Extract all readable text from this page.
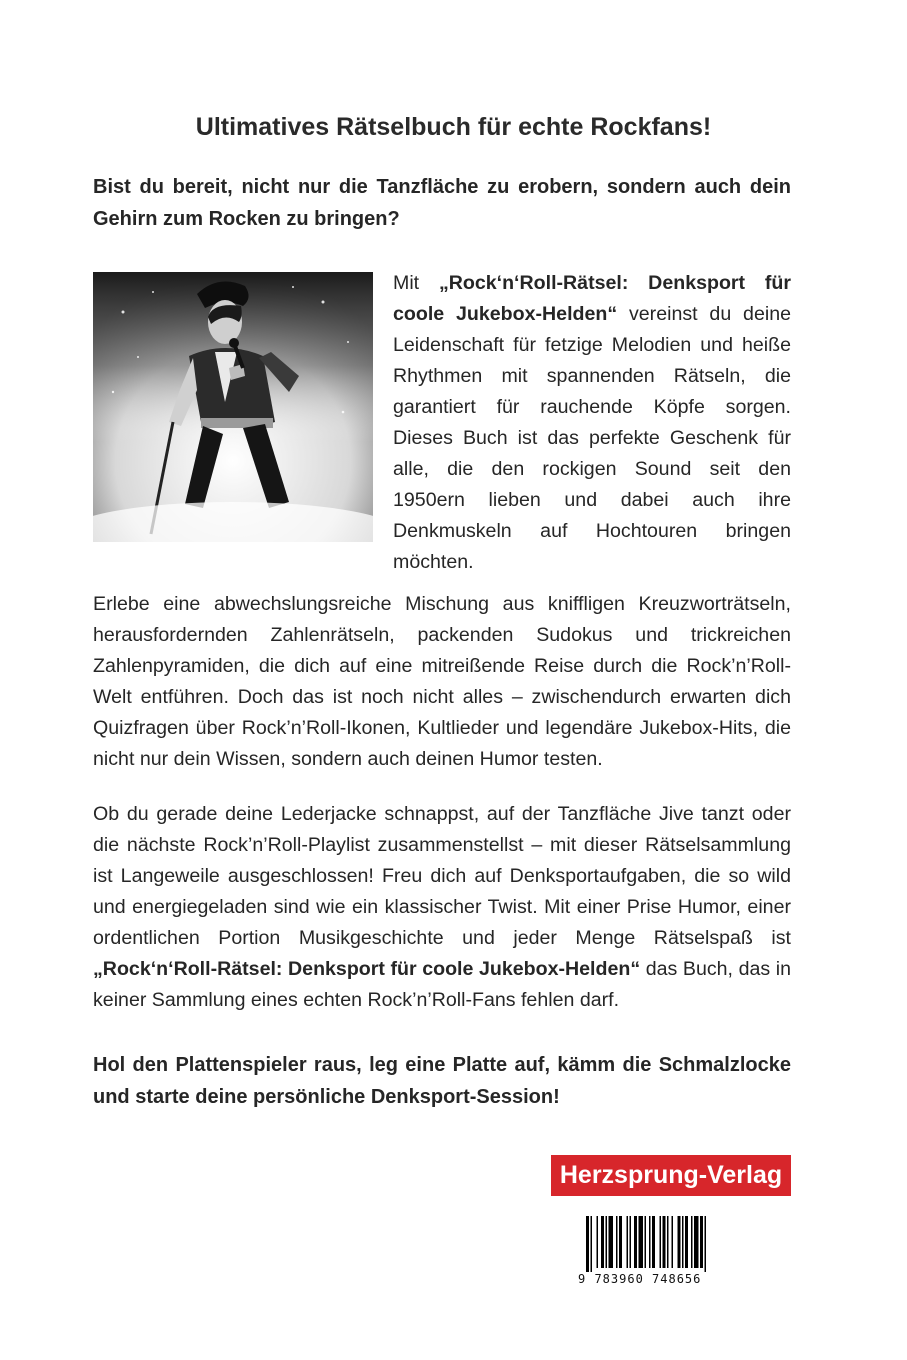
Ultimatives Rätselbuch für echte Rockfans!
Bist du bereit, nicht nur die Tanzfläche zu erobern, sondern auch dein Gehirn zum Rocken zu bringen?
Mit „Rock‘n‘Roll-Rätsel: Denksport für coole Jukebox-Helden“ vereinst du deine Leidenschaft für fetzige Melodien und heiße Rhythmen mit spannenden Rätseln, die garantiert für rauchende Köpfe sorgen. Dieses Buch ist das perfekte Geschenk für alle, die den rockigen Sound seit den 1950ern lieben und dabei auch ihre Denkmuskeln auf Hochtouren bringen möchten.
Erlebe eine abwechslungsreiche Mischung aus kniffligen Kreuzworträtseln, herausfordernden Zahlenrätseln, packenden Sudokus und trickreichen Zahlenpyramiden, die dich auf eine mitreißende Reise durch die Rock’n’Roll-Welt entführen. Doch das ist noch nicht alles – zwischendurch erwarten dich Quizfragen über Rock’n’Roll-Ikonen, Kultlieder und legendäre Jukebox-Hits, die nicht nur dein Wissen, sondern auch deinen Humor testen.
Ob du gerade deine Lederjacke schnappst, auf der Tanzfläche Jive tanzt oder die nächste Rock’n’Roll-Playlist zusammenstellst – mit dieser Rätselsammlung ist Langeweile ausgeschlossen! Freu dich auf Denksportaufgaben, die so wild und energiegeladen sind wie ein klassischer Twist. Mit einer Prise Humor, einer ordentlichen Portion Musikgeschichte und jeder Menge Rätselspaß ist „Rock‘n‘Roll-Rätsel: Denksport für coole Jukebox-Helden“ das Buch, das in keiner Sammlung eines echten Rock’n’Roll-Fans fehlen darf.
Hol den Plattenspieler raus, leg eine Platte auf, kämm die Schmalzlocke und starte deine persönliche Denksport-Session!
Herzsprung-Verlag
9 783960 748656
